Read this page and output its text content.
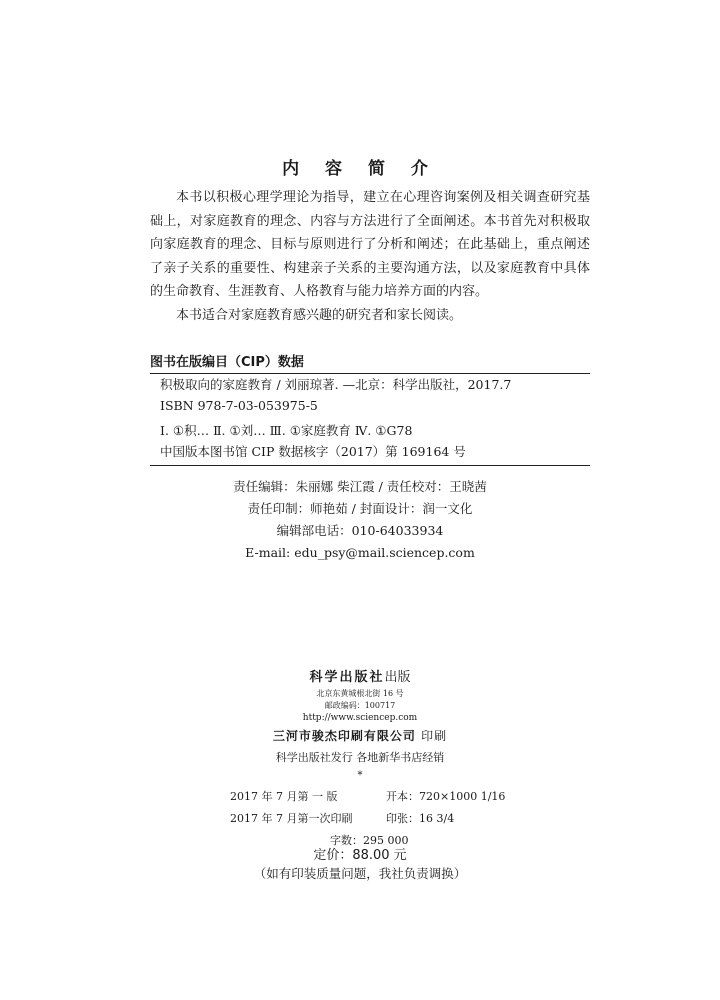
内 容 简 介

本书以积极心理学理论为指导，建立在心理咨询案例及相关调查研究基础上，对家庭教育的理念、内容与方法进行了全面阐述。本书首先对积极取向家庭教育的理念、目标与原则进行了分析和阐述；在此基础上，重点阐述了亲子关系的重要性、构建亲子关系的主要沟通方法，以及家庭教育中具体的生命教育、生涯教育、人格教育与能力培养方面的内容。

本书适合对家庭教育感兴趣的研究者和家长阅读。

图书在版编目（CIP）数据
积极取向的家庭教育 / 刘丽琼著. —北京：科学出版社，2017.7
ISBN 978-7-03-053975-5
Ⅰ. ①积… Ⅱ. ①刘… Ⅲ. ①家庭教育 Ⅳ. ①G78
中国版本图书馆 CIP 数据核字（2017）第 169164 号
责任编辑：朱丽娜 柴江霞 / 责任校对：王晓茜
责任印制：师艳茹 / 封面设计：润一文化
编辑部电话：010-64033934
E-mail: edu_psy@mail.sciencep.com
科学出版社出版
北京东黄城根北街 16 号
邮政编码：100717
http://www.sciencep.com
三河市骏杰印刷有限公司 印刷
科学出版社发行 各地新华书店经销
*
2017 年 7 月第 一 版	开本：720×1000 1/16
2017 年 7 月第一次印刷	印张：16 3/4
字数：295 000
定价：88.00 元
（如有印装质量问题，我社负责调换）
